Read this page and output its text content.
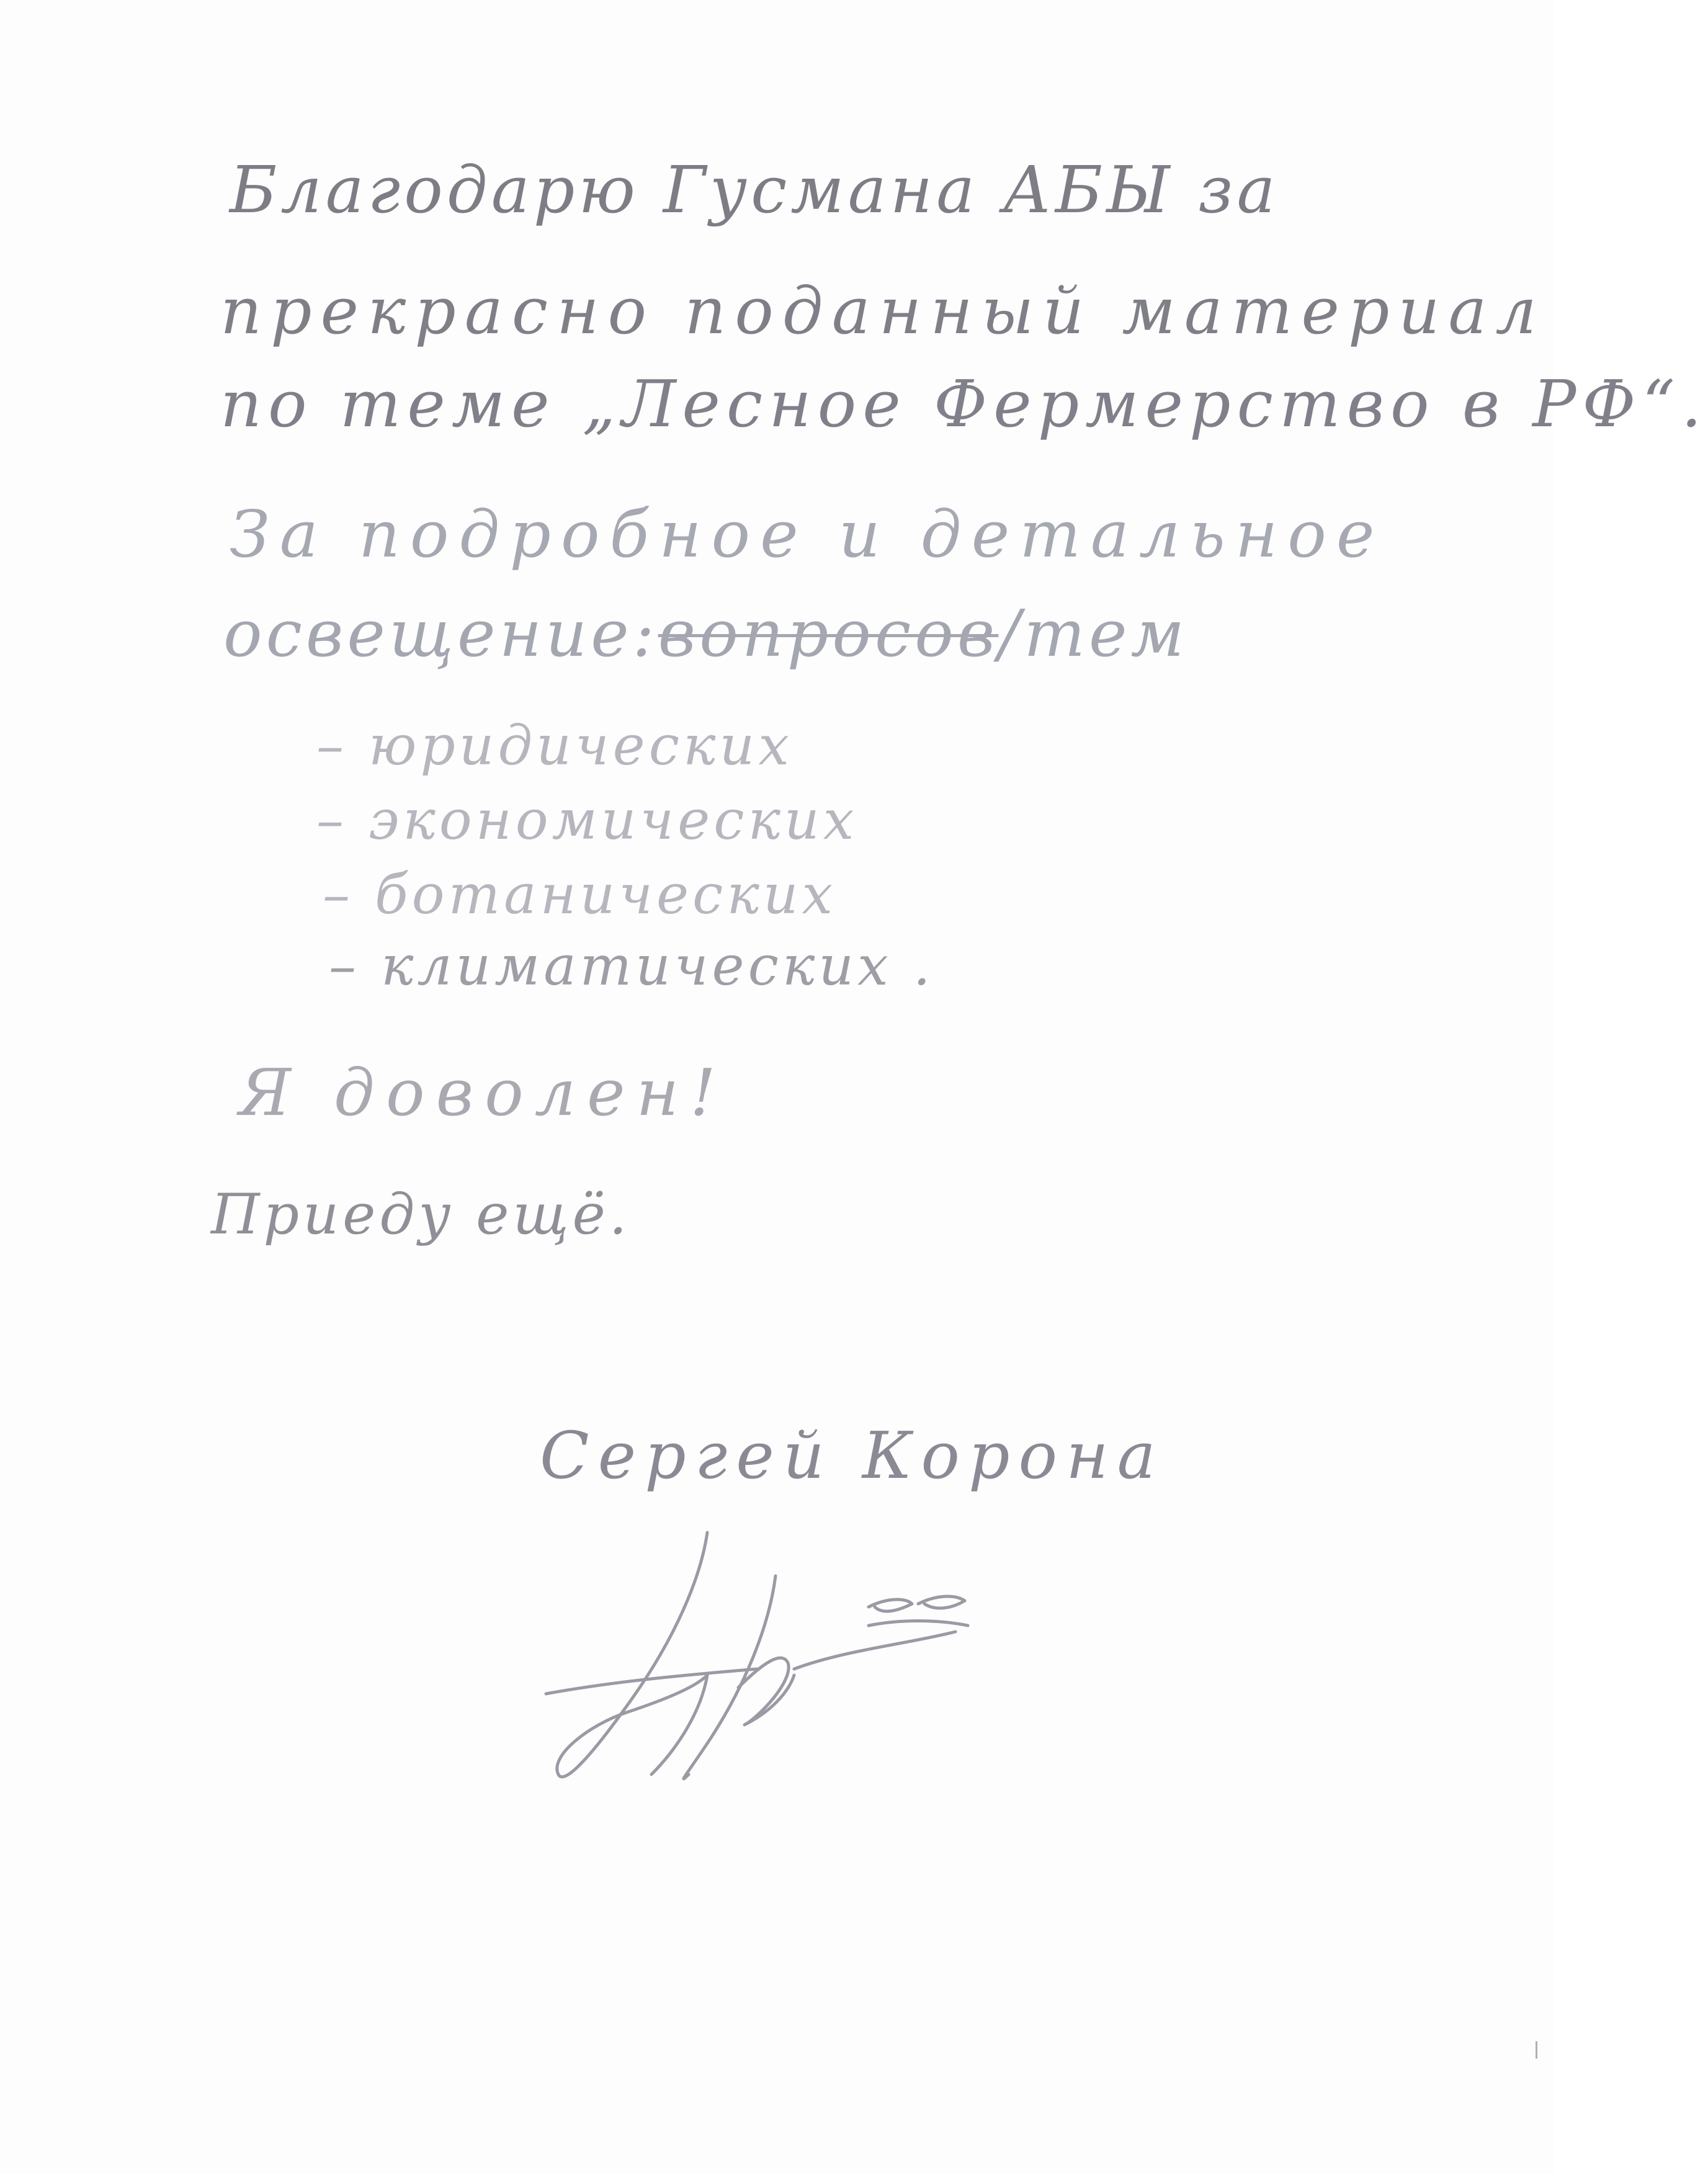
Благодарю Гусмана АБЫ за
прекрасно поданный материал
по теме „Лесное Фермерство в РФ“.
За подробное и детальное
освещение:вопросов/тем
– юридических
– экономических
– ботанических
– климатических .
Я доволен!
Приеду ещё.
Сергей Корона
